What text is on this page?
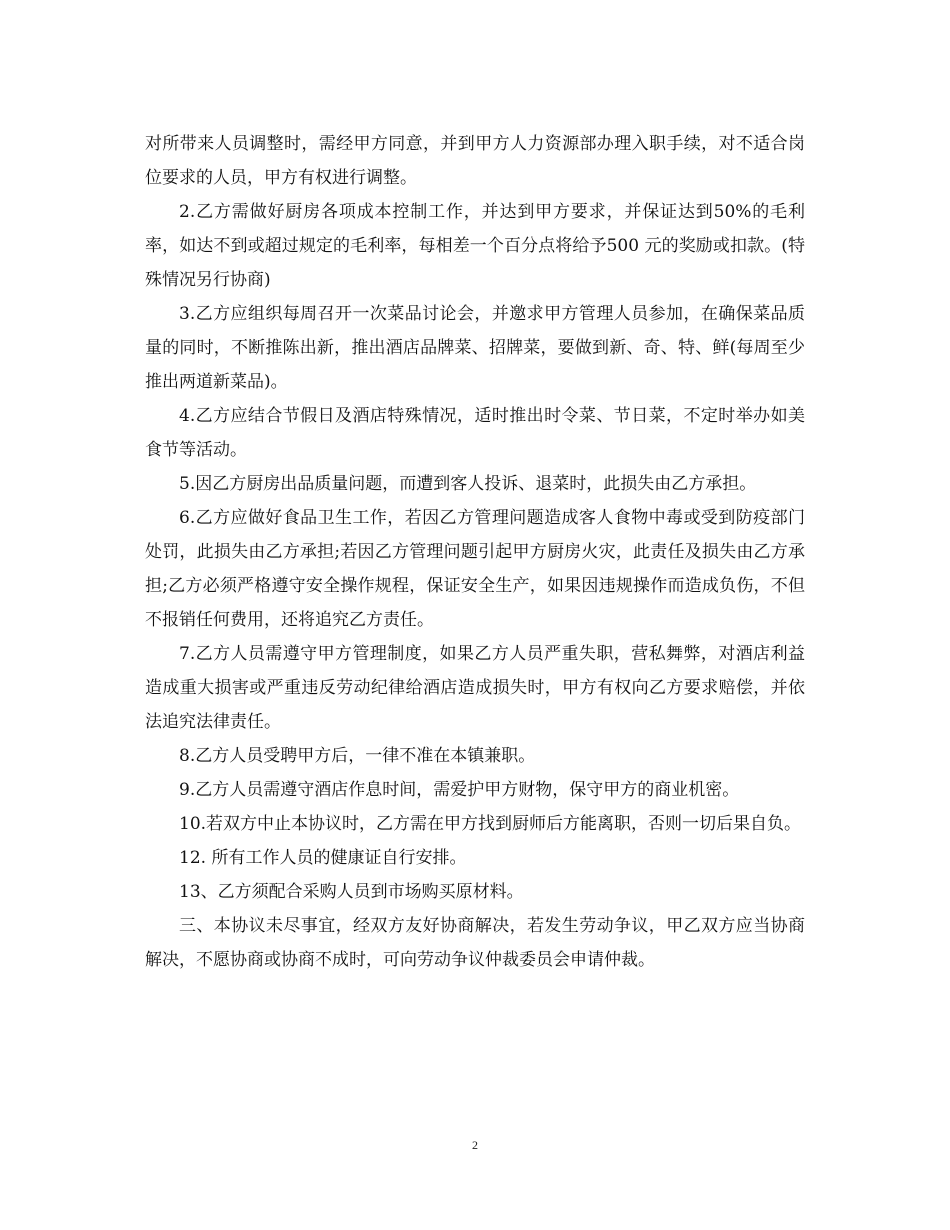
对所带来人员调整时，需经甲方同意，并到甲方人力资源部办理入职手续，对不适合岗位要求的人员，甲方有权进行调整。

2.乙方需做好厨房各项成本控制工作，并达到甲方要求，并保证达到50%的毛利率，如达不到或超过规定的毛利率，每相差一个百分点将给予500 元的奖励或扣款。(特殊情况另行协商)

3.乙方应组织每周召开一次菜品讨论会，并邀求甲方管理人员参加，在确保菜品质量的同时，不断推陈出新，推出酒店品牌菜、招牌菜，要做到新、奇、特、鲜(每周至少推出两道新菜品)。

4.乙方应结合节假日及酒店特殊情况，适时推出时令菜、节日菜，不定时举办如美食节等活动。

5.因乙方厨房出品质量问题，而遭到客人投诉、退菜时，此损失由乙方承担。

6.乙方应做好食品卫生工作，若因乙方管理问题造成客人食物中毒或受到防疫部门处罚，此损失由乙方承担;若因乙方管理问题引起甲方厨房火灾，此责任及损失由乙方承担;乙方必须严格遵守安全操作规程，保证安全生产，如果因违规操作而造成负伤，不但不报销任何费用，还将追究乙方责任。

7.乙方人员需遵守甲方管理制度，如果乙方人员严重失职，营私舞弊，对酒店利益造成重大损害或严重违反劳动纪律给酒店造成损失时，甲方有权向乙方要求赔偿，并依法追究法律责任。

8.乙方人员受聘甲方后，一律不准在本镇兼职。

9.乙方人员需遵守酒店作息时间，需爱护甲方财物，保守甲方的商业机密。

10.若双方中止本协议时，乙方需在甲方找到厨师后方能离职，否则一切后果自负。

12. 所有工作人员的健康证自行安排。

13、乙方须配合采购人员到市场购买原材料。

三、本协议未尽事宜，经双方友好协商解决，若发生劳动争议，甲乙双方应当协商解决，不愿协商或协商不成时，可向劳动争议仲裁委员会申请仲裁。

2
